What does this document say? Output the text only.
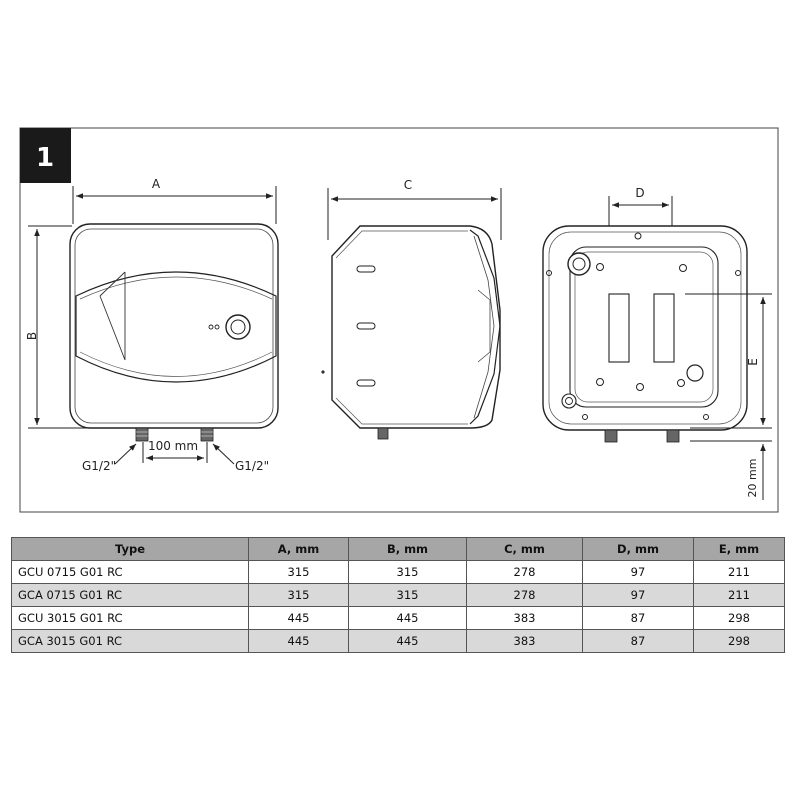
1
A
B
100 mm
G1/2"	G1/2"
C
D
E
20 mm
Type	A, mm	B, mm	C, mm	D, mm	E, mm
GCU 0715 G01 RC	315	315	278	97	211
GCA 0715 G01 RC	315	315	278	97	211
GCU 3015 G01 RC	445	445	383	87	298
GCA 3015 G01 RC	445	445	383	87	298
